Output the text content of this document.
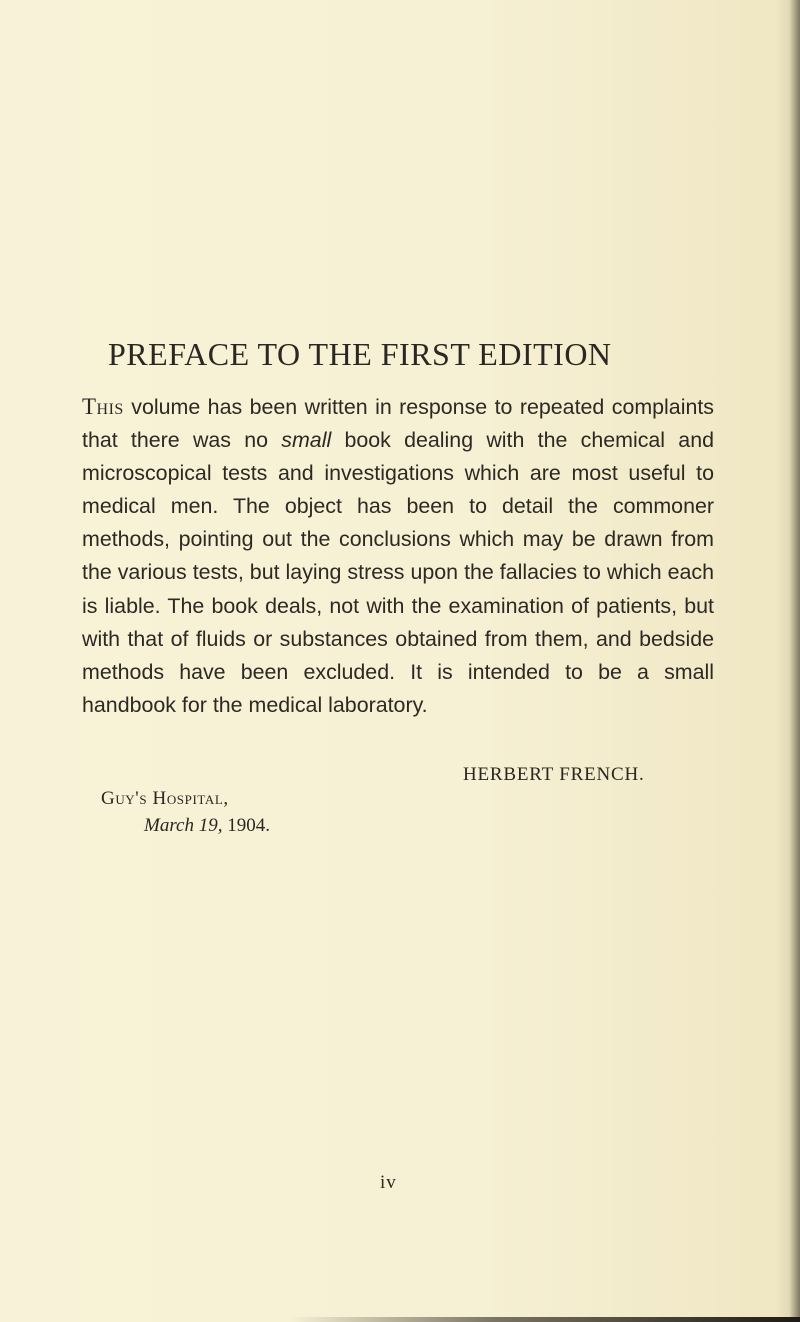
PREFACE TO THE FIRST EDITION

This volume has been written in response to repeated complaints that there was no small book dealing with the chemical and microscopical tests and investigations which are most useful to medical men. The object has been to detail the commoner methods, pointing out the conclusions which may be drawn from the various tests, but laying stress upon the fallacies to which each is liable. The book deals, not with the examination of patients, but with that of fluids or substances obtained from them, and bedside methods have been excluded. It is intended to be a small handbook for the medical laboratory.

HERBERT FRENCH.

Guy's Hospital,

March 19, 1904.

iv
